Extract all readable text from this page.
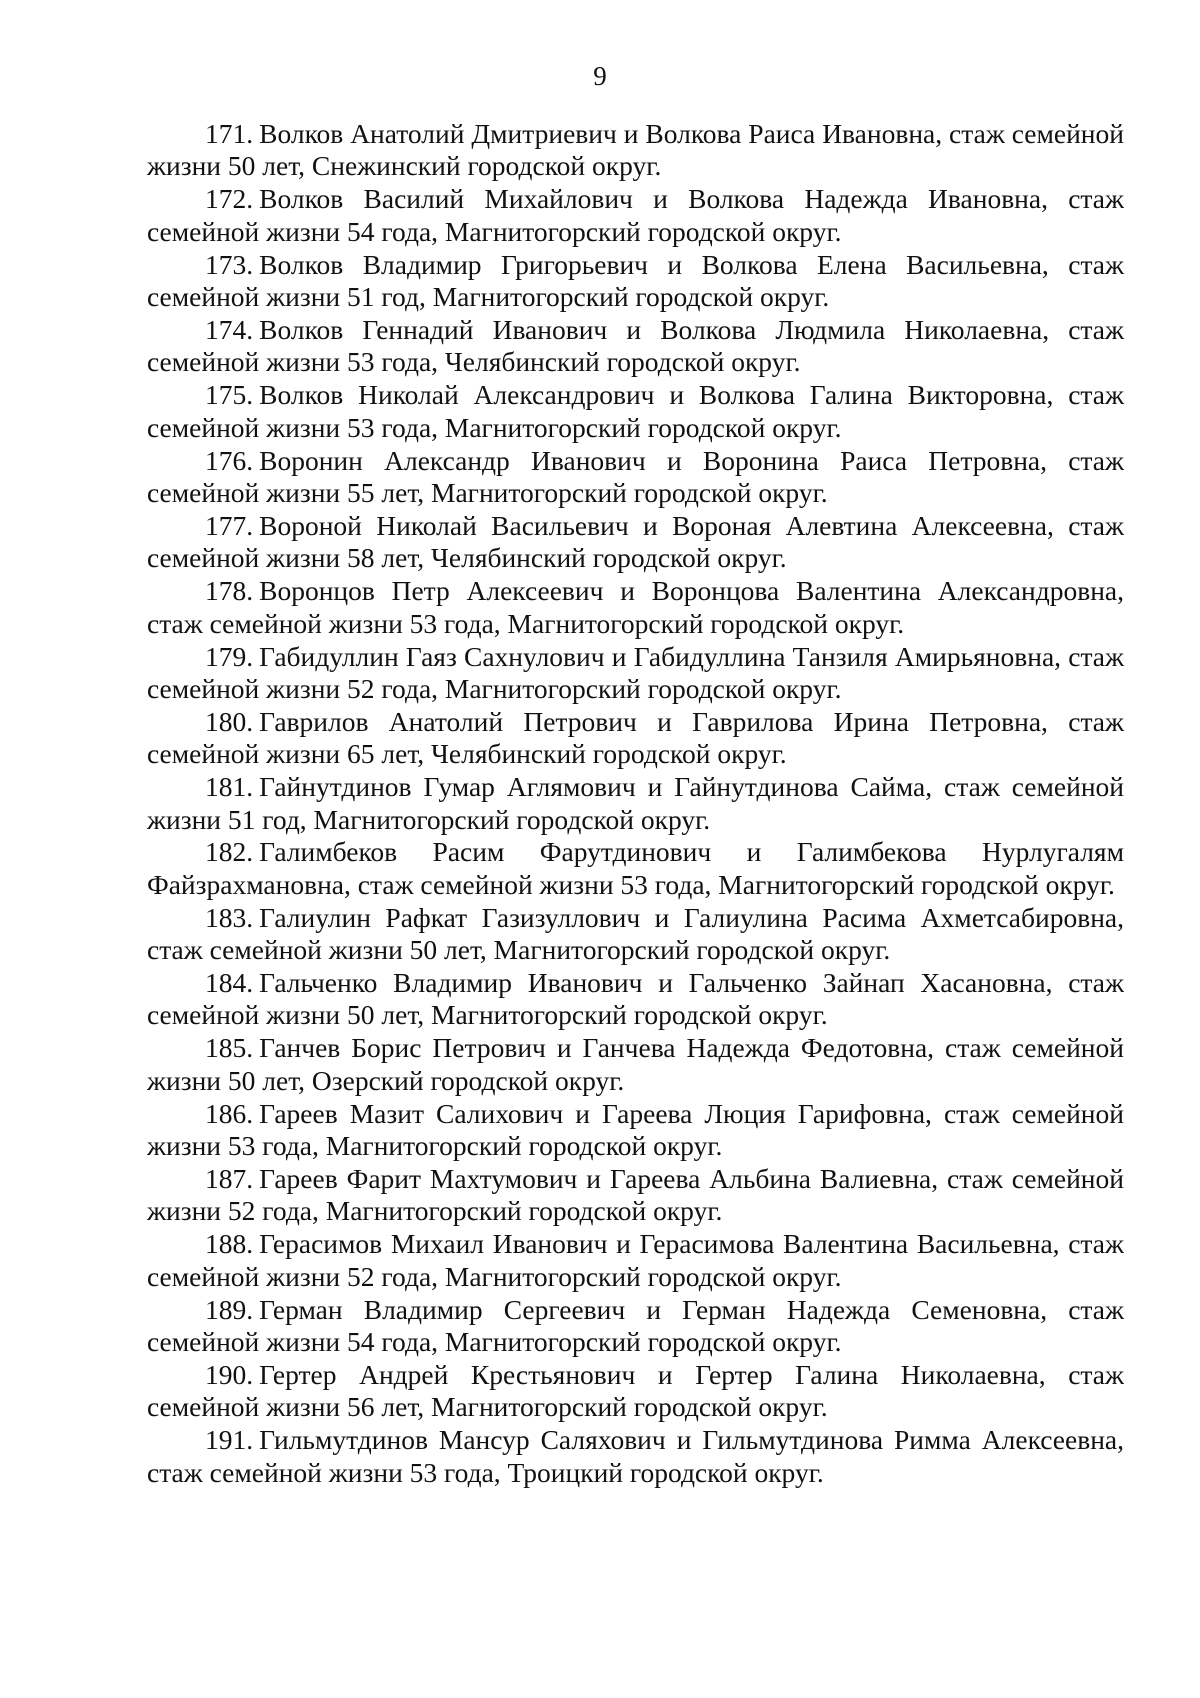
9

171. Волков Анатолий Дмитриевич и Волкова Раиса Ивановна, стаж семейной жизни 50 лет, Снежинский городской округ.

172. Волков Василий Михайлович и Волкова Надежда Ивановна, стаж семейной жизни 54 года, Магнитогорский городской округ.

173. Волков Владимир Григорьевич и Волкова Елена Васильевна, стаж семейной жизни 51 год, Магнитогорский городской округ.

174. Волков Геннадий Иванович и Волкова Людмила Николаевна, стаж семейной жизни 53 года, Челябинский городской округ.

175. Волков Николай Александрович и Волкова Галина Викторовна, стаж семейной жизни 53 года, Магнитогорский городской округ.

176. Воронин Александр Иванович и Воронина Раиса Петровна, стаж семейной жизни 55 лет, Магнитогорский городской округ.

177. Вороной Николай Васильевич и Вороная Алевтина Алексеевна, стаж семейной жизни 58 лет, Челябинский городской округ.

178. Воронцов Петр Алексеевич и Воронцова Валентина Александровна, стаж семейной жизни 53 года, Магнитогорский городской округ.

179. Габидуллин Гаяз Сахнулович и Габидуллина Танзиля Амирьяновна, стаж семейной жизни 52 года, Магнитогорский городской округ.

180. Гаврилов Анатолий Петрович и Гаврилова Ирина Петровна, стаж семейной жизни 65 лет, Челябинский городской округ.

181. Гайнутдинов Гумар Аглямович и Гайнутдинова Сайма, стаж семейной жизни 51 год, Магнитогорский городской округ.

182. Галимбеков Расим Фарутдинович и Галимбекова Нурлугалям Файзрахмановна, стаж семейной жизни 53 года, Магнитогорский городской округ.

183. Галиулин Рафкат Газизуллович и Галиулина Расима Ахметсабировна, стаж семейной жизни 50 лет, Магнитогорский городской округ.

184. Гальченко Владимир Иванович и Гальченко Зайнап Хасановна, стаж семейной жизни 50 лет, Магнитогорский городской округ.

185. Ганчев Борис Петрович и Ганчева Надежда Федотовна, стаж семейной жизни 50 лет, Озерский городской округ.

186. Гареев Мазит Салихович и Гареева Люция Гарифовна, стаж семейной жизни 53 года, Магнитогорский городской округ.

187. Гареев Фарит Махтумович и Гареева Альбина Валиевна, стаж семейной жизни 52 года, Магнитогорский городской округ.

188. Герасимов Михаил Иванович и Герасимова Валентина Васильевна, стаж семейной жизни 52 года, Магнитогорский городской округ.

189. Герман Владимир Сергеевич и Герман Надежда Семеновна, стаж семейной жизни 54 года, Магнитогорский городской округ.

190. Гертер Андрей Крестьянович и Гертер Галина Николаевна, стаж семейной жизни 56 лет, Магнитогорский городской округ.

191. Гильмутдинов Мансур Саляхович и Гильмутдинова Римма Алексеевна, стаж семейной жизни 53 года, Троицкий городской округ.
